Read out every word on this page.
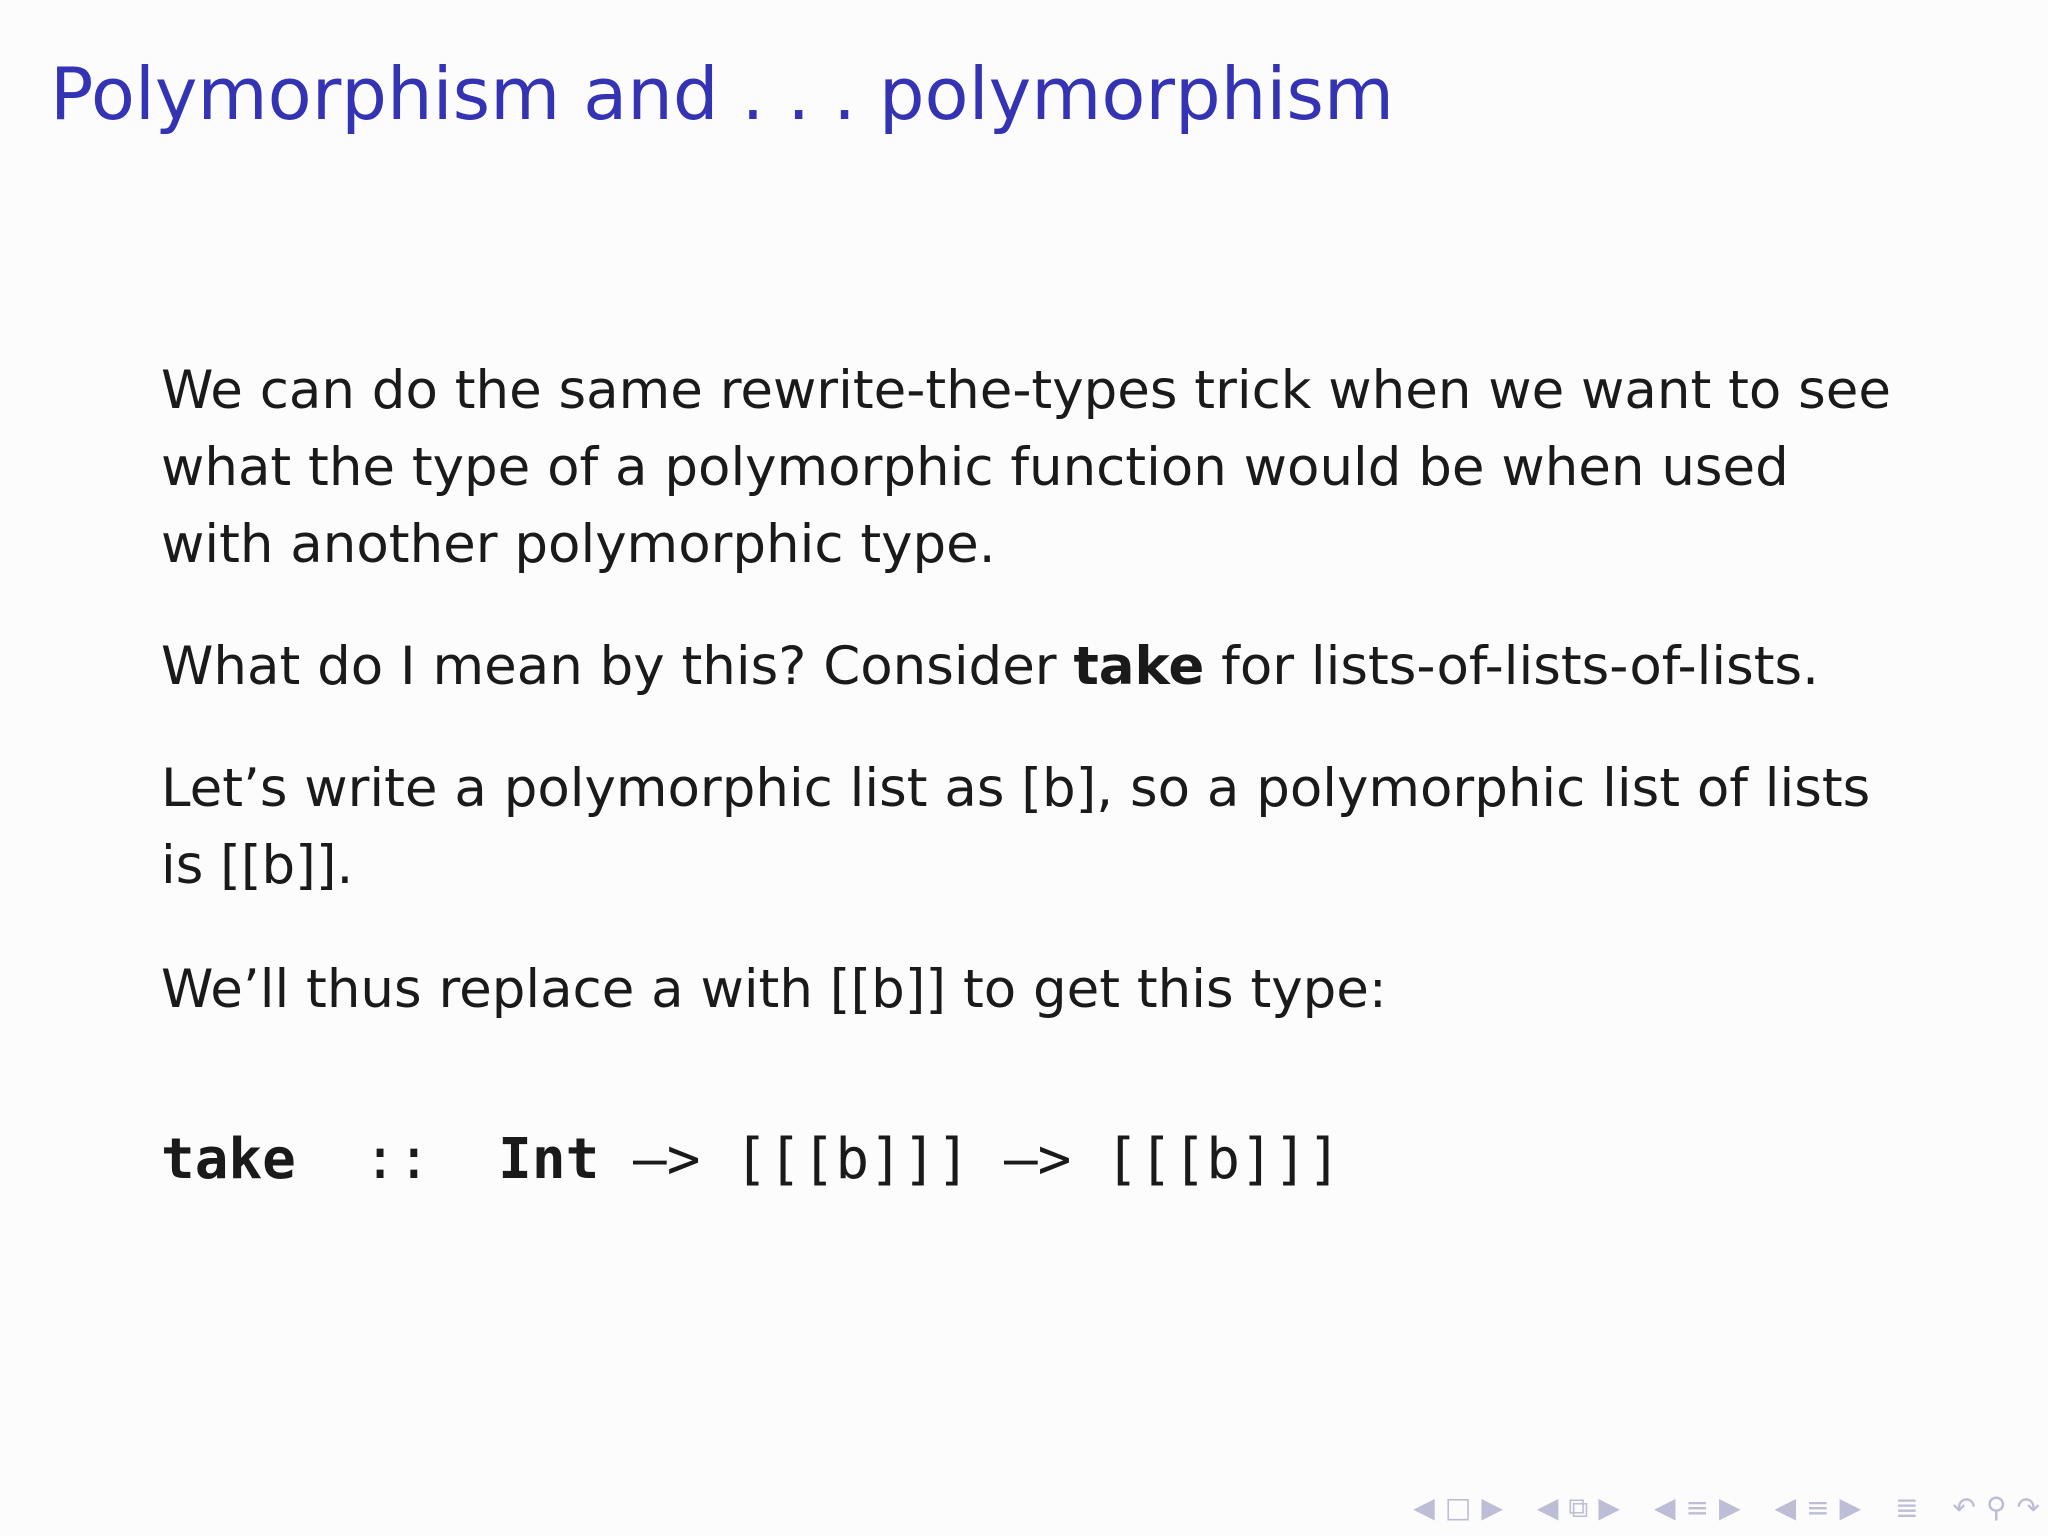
Polymorphism and . . . polymorphism

We can do the same rewrite-the-types trick when we want to see what the type of a polymorphic function would be when used with another polymorphic type.

What do I mean by this? Consider take for lists-of-lists-of-lists.

Let’s write a polymorphic list as [b], so a polymorphic list of lists is [[b]].

We’ll thus replace a with [[b]] to get this type:

take :: Int –> [[[b]]] –> [[[b]]]
◀ □ ▶ ◀ ⧉ ▶ ◀ ≡ ▶ ◀ ≡ ▶ ≣ ↶ ⚲ ↷
